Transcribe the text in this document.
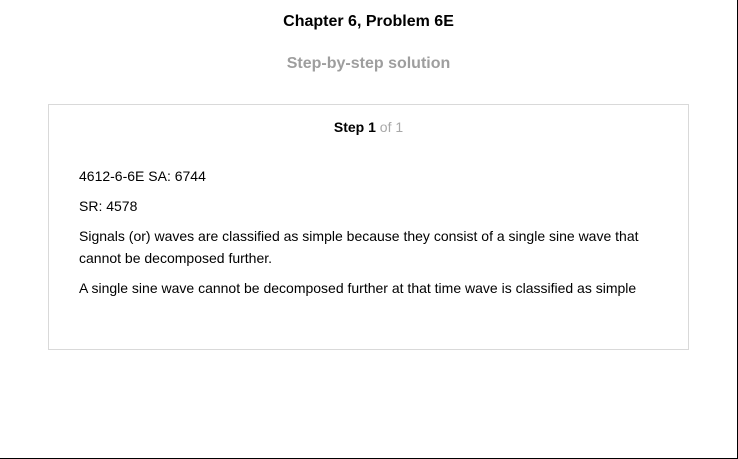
Chapter 6, Problem 6E
Step-by-step solution
Step 1 of 1

4612-6-6E SA: 6744

SR: 4578

Signals (or) waves are classified as simple because they consist of a single sine wave that cannot be decomposed further.

A single sine wave cannot be decomposed further at that time wave is classified as simple
